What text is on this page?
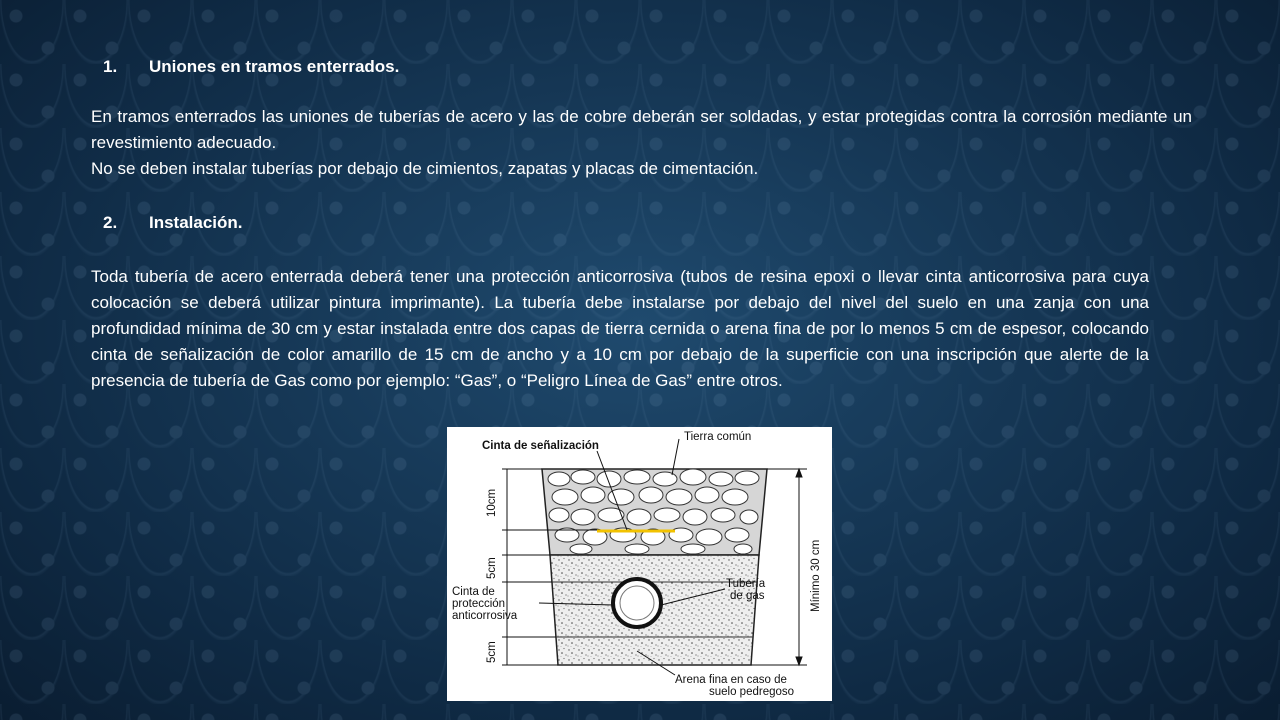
1.	Uniones en tramos enterrados.

En tramos enterrados las uniones de tuberías de acero y las de cobre deberán ser soldadas, y estar protegidas contra la corrosión mediante un revestimiento adecuado.

No se deben instalar tuberías por debajo de cimientos, zapatas y placas de cimentación.

2.	Instalación.

Toda tubería de acero enterrada deberá tener una protección anticorrosiva (tubos de resina epoxi o llevar cinta anticorrosiva para cuya colocación se deberá utilizar pintura imprimante). La tubería debe instalarse por debajo del nivel del suelo en una zanja con una profundidad mínima de 30 cm y estar instalada entre dos capas de tierra cernida o arena fina de por lo menos 5 cm de espesor, colocando cinta de señalización de color amarillo de 15 cm de ancho y a 10 cm por debajo de la superficie con una inscripción que alerte de la presencia de tubería de Gas como por ejemplo: “Gas”, o “Peligro Línea de Gas” entre otros.

Cinta de señalización
Tierra común
10cm
5cm
5cm
Mínimo 30 cm
Cinta de
protección
anticorrosiva
Tubería
de gas
Arena fina en caso de
suelo pedregoso
